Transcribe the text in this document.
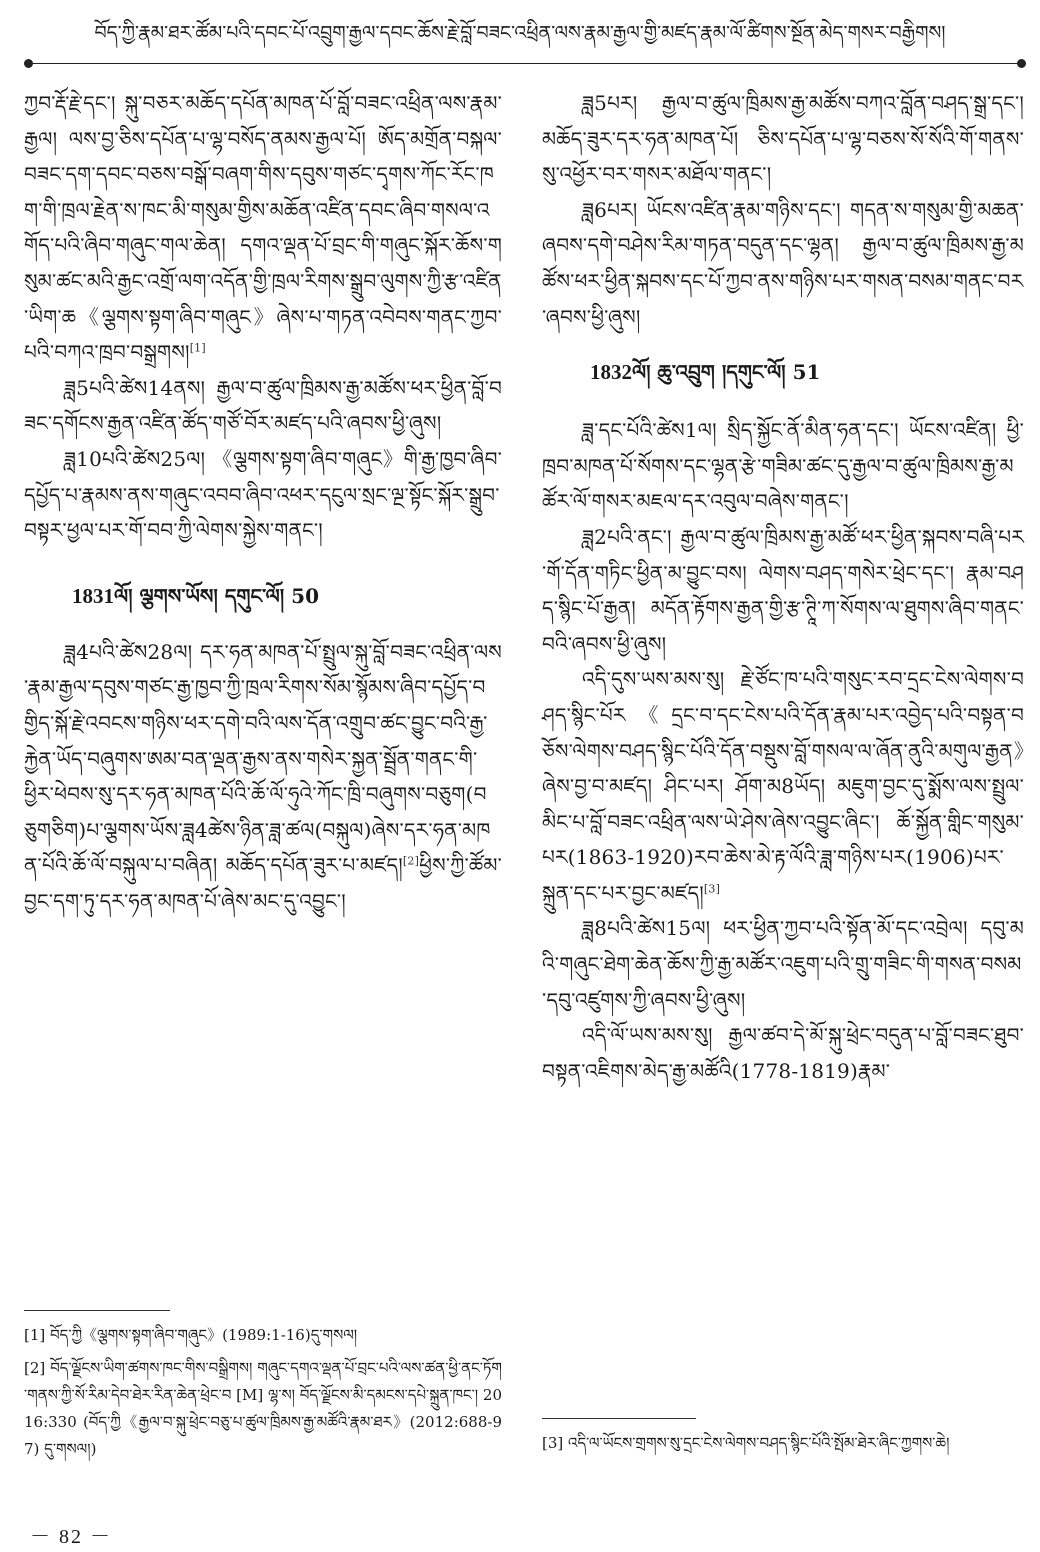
བོད་ཀྱི་རྣམ་ཐར་ཚོམ་པའི་དབང་པོ་འབྲུག་རྒྱལ་དབང་ཆོས་རྗེ་བློ་བཟང་འཕྲིན་ལས་རྣམ་རྒྱལ་གྱི་མཛད་རྣམ་ལོ་ཚིགས་སྔོན་མེད་གསར་བརྒྱིགས།

ཀྱབ་རྡོ་རྗེ་དང་། སྐུ་བཅར་མཆོད་དཔོན་མཁན་པོ་བློ་བཟང་འཕྲིན་ལས་རྣམ་རྒྱལ། ལས་བྱ་ཅིས་དཔོན་པ་ལྷ་བསོད་ནམས་རྒྱལ་པོ། ཨོད་མགྲོན་བསྐལ་བཟང་དག་དབང་བཅས་བསྒོ་བཞག་གིས་དབུས་གཙང་དྭགས་ཀོང་རོང་ཁག་གི་ཁྲལ་རྗེན་ས་ཁང་མི་གསུམ་གྱིས་མཆོན་འཛིན་དབང་ཞིབ་གསལ་འགོད་པའི་ཞིབ་གཞུང་གལ་ཆེན། དགའ་ལྡན་པོ་བྲང་གི་གཞུང་སྐོར་ཆོས་གསུམ་ཚང་མའི་རྒྱང་འགྲོ་ལག་འདོན་གྱི་ཁྲལ་རིགས་སྒྲུབ་ལུགས་ཀྱི་རྩ་འཛིན་ཡིག་ཆ《ལྕགས་སྟག་ཞིབ་གཞུང》ཞེས་པ་གཏན་འབེབས་གནང་ཀྱབ་པའི་བཀའ་ཁྲབ་བསྒྲགས།[1]

ཟླ5པའི་ཚེས14ནས། རྒྱལ་བ་ཚུལ་ཁྲིམས་རྒྱ་མཚོས་ཕར་ཕྱིན་བློ་བཟང་དགོངས་རྒྱན་འཛིན་ཚོད་གཙོ་བོར་མཛད་པའི་ཞབས་ཕྱི་ཞུས།

ཟླ10པའི་ཚེས25ལ། 《ལྕགས་སྟག་ཞིབ་གཞུང》གི་རྒྱ་ཁྱབ་ཞིབ་དཔྱོད་པ་རྣམས་ནས་གཞུང་འབབ་ཞིབ་འཕར་དངུལ་སྲང་ལྔ་སྟོང་སྐོར་སྒྲུབ་བསྟར་ཕྱལ་པར་གོ་བབ་ཀྱི་ལེགས་སྐྱེས་གནང་།

1831ལོ། ལྕགས་ཡོས། དགུང་ལོ། 50

ཟླ4པའི་ཚེས28ལ། དར་ཧན་མཁན་པོ་སྤྲུལ་སྐུ་བློ་བཟང་འཕྲིན་ལས་རྣམ་རྒྱལ་དབུས་གཙང་རྒྱ་ཁྱབ་ཀྱི་ཁྲལ་རིགས་སོམ་སྙོམས་ཞིབ་དཔྱོད་བགྱིད་སྐོ་རྗེ་འབངས་གཉིས་ཕར་དགེ་བའི་ལས་དོན་འགྲུབ་ཚང་བྱུང་བའི་རྒྱ་རྐྱེན་ཡོད་བཞུགས་ཨམ་བན་ལྡན་རྒྱས་ནས་གསེར་སྐྱན་སྦྲོན་གནང་གི་ཕྱིར་ཕེབས་སུ་དར་ཧན་མཁན་པོའི་ཆོ་ལོ་ཧུའེ་ཀོང་ཁྲི་བཞུགས་བཅུག(བཅུགཅིག)པ་ལྕགས་ཡོས་ཟླ4ཚེས་ཉིན་ཟླ་ཚལ(བསྐུལ)ཞེས་དར་ཧན་མཁན་པོའི་ཆོ་ལོ་བསྐུལ་པ་བཞིན། མཆོད་དཔོན་ཟུར་པ་མཛད།[2]ཕྱིས་ཀྱི་ཚོམ་བྱང་དག་ཏུ་དར་ཧན་མཁན་པོ་ཞེས་མང་དུ་འབྱུང་།

[1] བོད་ཀྱི《ལྕགས་སྟག་ཞིབ་གཞུང》(1989:1-16)དུ་གསལ།

[2] བོད་ལྗོངས་ཡིག་ཚགས་ཁང་གིས་བསྒྲིགས། གཞུང་དགའ་ལྡན་པོ་བྲང་པའི་ལས་ཚན་ཕྱི་ནང་ཏོག་གནས་ཀྱི་སོ་རིམ་དེབ་ཐེར་རིན་ཆེན་ཕྲེང་བ [M] ལྷ་ས། བོད་ལྗོངས་མི་དམངས་དཔེ་སྐྲུན་ཁང་། 2016:330 (བོད་ཀྱི《རྒྱལ་བ་སྐུ་ཕྲེང་བཅུ་པ་ཚུལ་ཁྲིམས་རྒྱ་མཚོའི་རྣམ་ཐར》(2012:688-97) དུ་གསལ།)

ཟླ5པར། རྒྱལ་བ་ཚུལ་ཁྲིམས་རྒྱ་མཚོས་བཀའ་བློན་བཤད་སྒྲ་དང་། མཆོད་ཟུར་དར་ཧན་མཁན་པོ། ཅིས་དཔོན་པ་ལྷ་བཅས་སོ་སོའི་གོ་གནས་སུ་འཕྱོར་བར་གསར་མཐོལ་གནང་།

ཟླ6པར། ཡོངས་འཛིན་རྣམ་གཉིས་དང་། གདན་ས་གསུམ་གྱི་མཆན་ཞབས་དགེ་བཤེས་རིམ་གཏན་བདུན་དང་ལྷན། རྒྱལ་བ་ཚུལ་ཁྲིམས་རྒྱ་མཚོས་ཕར་ཕྱིན་སྐབས་དང་པོ་ཀྱབ་ནས་གཉིས་པར་གསན་བསམ་གནང་བར་ཞབས་ཕྱི་ཞུས།

1832ལོ། ཆུ་འབྲུག །དགུང་ལོ། 51

ཟླ་དང་པོའི་ཚེས1ལ། སྲིད་སྐྱོང་ནོ་མིན་ཧན་དང་། ཡོངས་འཛིན། ཕྱི་ཁྲབ་མཁན་པོ་སོགས་དང་ལྷན་རྩེ་གཟིམ་ཚང་དུ་རྒྱལ་བ་ཚུལ་ཁྲིམས་རྒྱ་མཚོར་ལོ་གསར་མཇལ་དར་འབུལ་བཞེས་གནང་།

ཟླ2པའི་ནང་། རྒྱལ་བ་ཚུལ་ཁྲིམས་རྒྱ་མཚོ་ཕར་ཕྱིན་སྐབས་བཞི་པར་གོ་དོན་གཏིང་ཕྱིན་མ་བྱུང་བས། ལེགས་བཤད་གསེར་ཕྲེང་དང་། རྣམ་བཤད་སྙིང་པོ་རྒྱན། མདོན་རྟོགས་རྒྱན་གྱི་རྩ་ཊཱི་ཀ་སོགས་ལ་ཐུགས་ཞིབ་གནང་བའི་ཞབས་ཕྱི་ཞུས།

འདི་དུས་ཡས་མས་སུ། རྗེ་ཙོང་ཁ་པའི་གསུང་རབ་དྲང་ངེས་ལེགས་བཤད་སྙིང་པོར《དྲང་བ་དང་ངེས་པའི་དོན་རྣམ་པར་འབྱེད་པའི་བསྟན་བཅོས་ལེགས་བཤད་སྙིང་པོའི་དོན་བསྡུས་བློ་གསལ་ལ་ཞོན་ནུའི་མགུལ་རྒྱན》ཞེས་བྱ་བ་མཛད། ཤིང་པར། ཤོག་མ8ཡོད། མཇུག་བྱང་དུ་སྨོས་ལས་སྤྲུལ་མིང་པ་བློ་བཟང་འཕྲིན་ལས་ཡེ་ཤེས་ཞེས་འབྱུང་ཞིང་། ཆོ་སྐྱོན་གླིང་གསུམ་པར(1863-1920)རབ་ཆེས་མེ་རྟ་ལོའི་ཟླ་གཉིས་པར(1906)པར་སྐྲུན་དང་པར་བྱང་མཛད།[3]

ཟླ8པའི་ཚེས15ལ། ཕར་ཕྱིན་ཀྱབ་པའི་སྟོན་མོ་དང་འབྲེལ། དབུ་མའི་གཞུང་ཐེག་ཆེན་ཆོས་ཀྱི་རྒྱ་མཚོར་འཇུག་པའི་གྲུ་གཟིང་གི་གསན་བསམ་དབུ་འཛུགས་ཀྱི་ཞབས་ཕྱི་ཞུས།

འདི་ལོ་ཡས་མས་སུ། རྒྱལ་ཚབ་དེ་མོ་སྐུ་ཕྲེང་བདུན་པ་བློ་བཟང་ཐུབ་བསྟན་འཇིགས་མེད་རྒྱ་མཚོའི(1778-1819)རྣམ་

[3] འདི་ལ་ཡོངས་གྲགས་སུ་དྲང་ངེས་ལེགས་བཤད་སྙིང་པོའི་སྤོམ་ཐེར་ཞིང་ཀྱགས་ཆེ།

－ 82 －
